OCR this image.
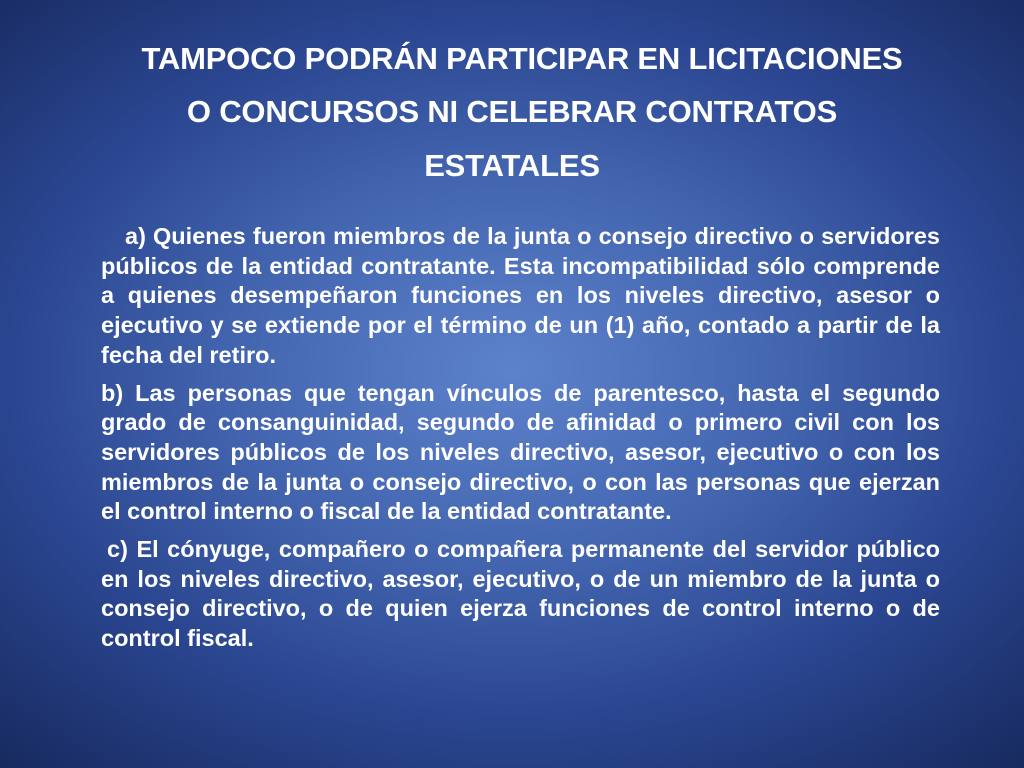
TAMPOCO PODRÁN PARTICIPAR EN LICITACIONES
O CONCURSOS NI CELEBRAR CONTRATOS
ESTATALES

a) Quienes fueron miembros de la junta o consejo directivo o servidores públicos de la entidad contratante. Esta incompatibilidad sólo comprende a quienes desempeñaron funciones en los niveles directivo, asesor o ejecutivo y se extiende por el término de un (1) año, contado a partir de la fecha del retiro.

b) Las personas que tengan vínculos de parentesco, hasta el segundo grado de consanguinidad, segundo de afinidad o primero civil con los servidores públicos de los niveles directivo, asesor, ejecutivo o con los miembros de la junta o consejo directivo, o con las personas que ejerzan el control interno o fiscal de la entidad contratante.

c) El cónyuge, compañero o compañera permanente del servidor público en los niveles directivo, asesor, ejecutivo, o de un miembro de la junta o consejo directivo, o de quien ejerza funciones de control interno o de control fiscal.
